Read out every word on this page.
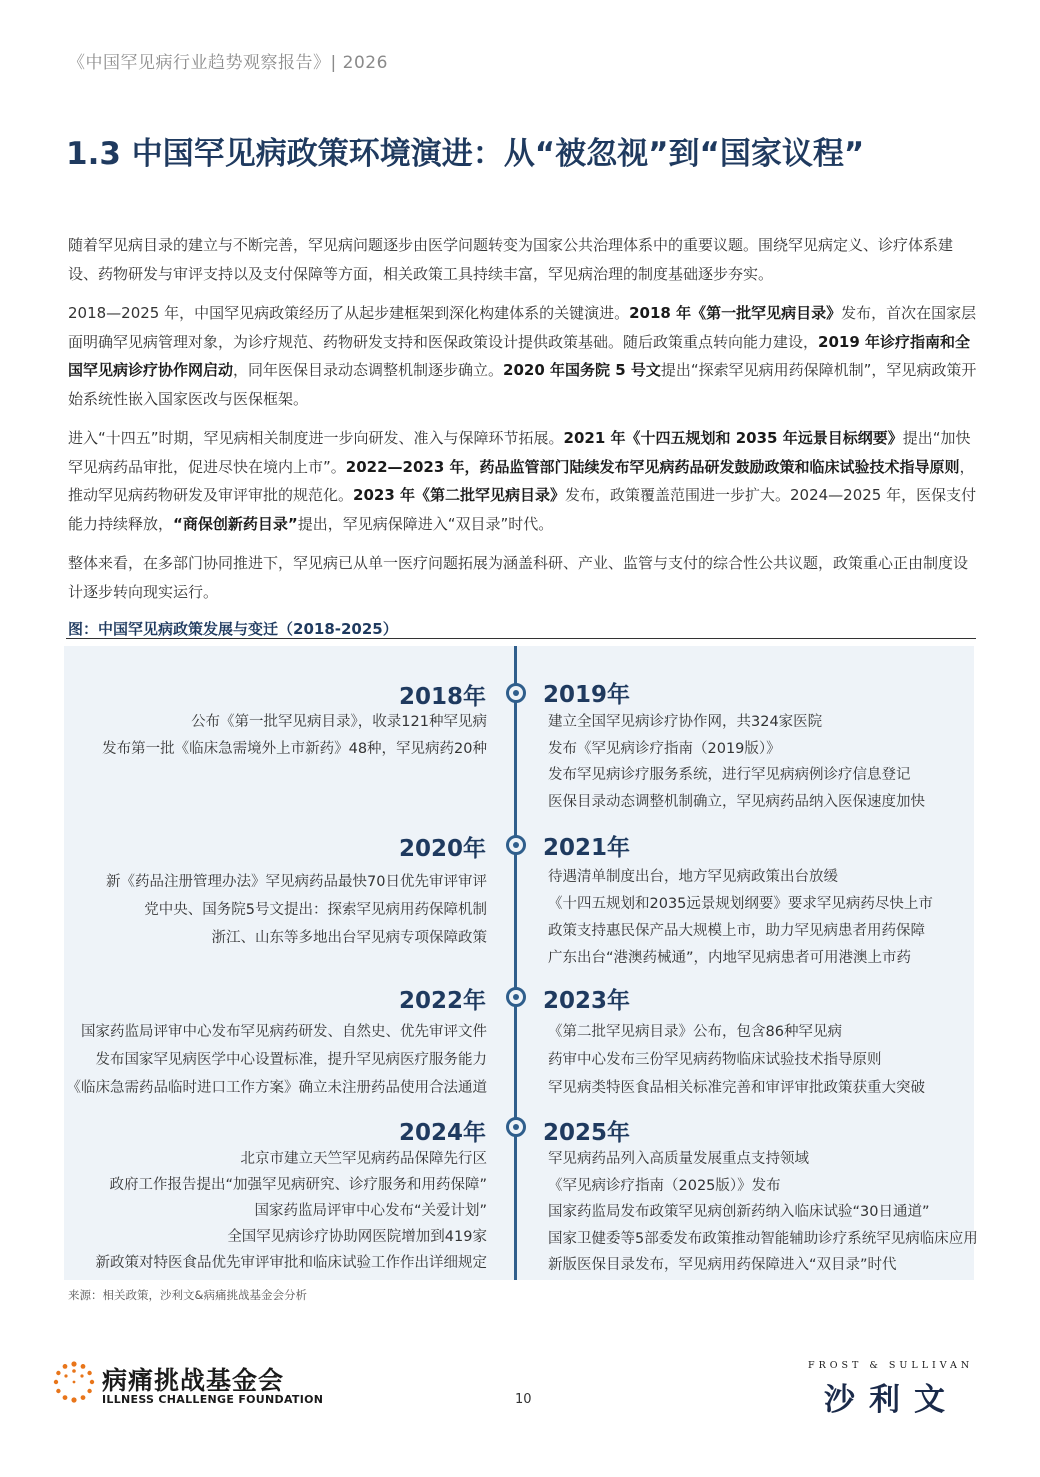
《中国罕见病行业趋势观察报告》| 2026
1.3 中国罕见病政策环境演进：从“被忽视”到“国家议程”

随着罕见病目录的建立与不断完善，罕见病问题逐步由医学问题转变为国家公共治理体系中的重要议题。围绕罕见病定义、诊疗体系建设、药物研发与审评支持以及支付保障等方面，相关政策工具持续丰富，罕见病治理的制度基础逐步夯实。

2018—2025 年，中国罕见病政策经历了从起步建框架到深化构建体系的关键演进。2018 年《第一批罕见病目录》发布，首次在国家层面明确罕见病管理对象，为诊疗规范、药物研发支持和医保政策设计提供政策基础。随后政策重点转向能力建设，2019 年诊疗指南和全国罕见病诊疗协作网启动，同年医保目录动态调整机制逐步确立。2020 年国务院 5 号文提出“探索罕见病用药保障机制”，罕见病政策开始系统性嵌入国家医改与医保框架。

进入“十四五”时期，罕见病相关制度进一步向研发、准入与保障环节拓展。2021 年《十四五规划和 2035 年远景目标纲要》提出“加快罕见病药品审批，促进尽快在境内上市”。2022—2023 年，药品监管部门陆续发布罕见病药品研发鼓励政策和临床试验技术指导原则，推动罕见病药物研发及审评审批的规范化。2023 年《第二批罕见病目录》发布，政策覆盖范围进一步扩大。2024—2025 年，医保支付能力持续释放，“商保创新药目录”提出，罕见病保障进入“双目录”时代。

整体来看，在多部门协同推进下，罕见病已从单一医疗问题拓展为涵盖科研、产业、监管与支付的综合性公共议题，政策重心正由制度设计逐步转向现实运行。

图：中国罕见病政策发展与变迁（2018-2025）
2018年 2019年
公布《第一批罕见病目录》，收录121种罕见病
发布第一批《临床急需境外上市新药》48种，罕见病药20种
建立全国罕见病诊疗协作网，共324家医院
发布《罕见病诊疗指南（2019版）》
发布罕见病诊疗服务系统，进行罕见病病例诊疗信息登记
医保目录动态调整机制确立，罕见病药品纳入医保速度加快
2020年 2021年
新《药品注册管理办法》罕见病药品最快70日优先审评审评
党中央、国务院5号文提出：探索罕见病用药保障机制
浙江、山东等多地出台罕见病专项保障政策
待遇清单制度出台，地方罕见病政策出台放缓
《十四五规划和2035远景规划纲要》要求罕见病药尽快上市
政策支持惠民保产品大规模上市，助力罕见病患者用药保障
广东出台“港澳药械通”，内地罕见病患者可用港澳上市药
2022年 2023年
国家药监局评审中心发布罕见病药研发、自然史、优先审评文件
发布国家罕见病医学中心设置标准，提升罕见病医疗服务能力
《临床急需药品临时进口工作方案》确立未注册药品使用合法通道
《第二批罕见病目录》公布，包含86种罕见病
药审中心发布三份罕见病药物临床试验技术指导原则
罕见病类特医食品相关标准完善和审评审批政策获重大突破
2024年 2025年
北京市建立天竺罕见病药品保障先行区
政府工作报告提出“加强罕见病研究、诊疗服务和用药保障”
国家药监局评审中心发布“关爱计划”
全国罕见病诊疗协助网医院增加到419家
新政策对特医食品优先审评审批和临床试验工作作出详细规定
罕见病药品列入高质量发展重点支持领域
《罕见病诊疗指南（2025版）》发布
国家药监局发布政策罕见病创新药纳入临床试验“30日通道”
国家卫健委等5部委发布政策推动智能辅助诊疗系统罕见病临床应用
新版医保目录发布，罕见病用药保障进入“双目录”时代
来源：相关政策，沙利文&病痛挑战基金会分析
病痛挑战基金会
ILLNESS CHALLENGE FOUNDATION	10
FROST & SULLIVAN
沙利文
